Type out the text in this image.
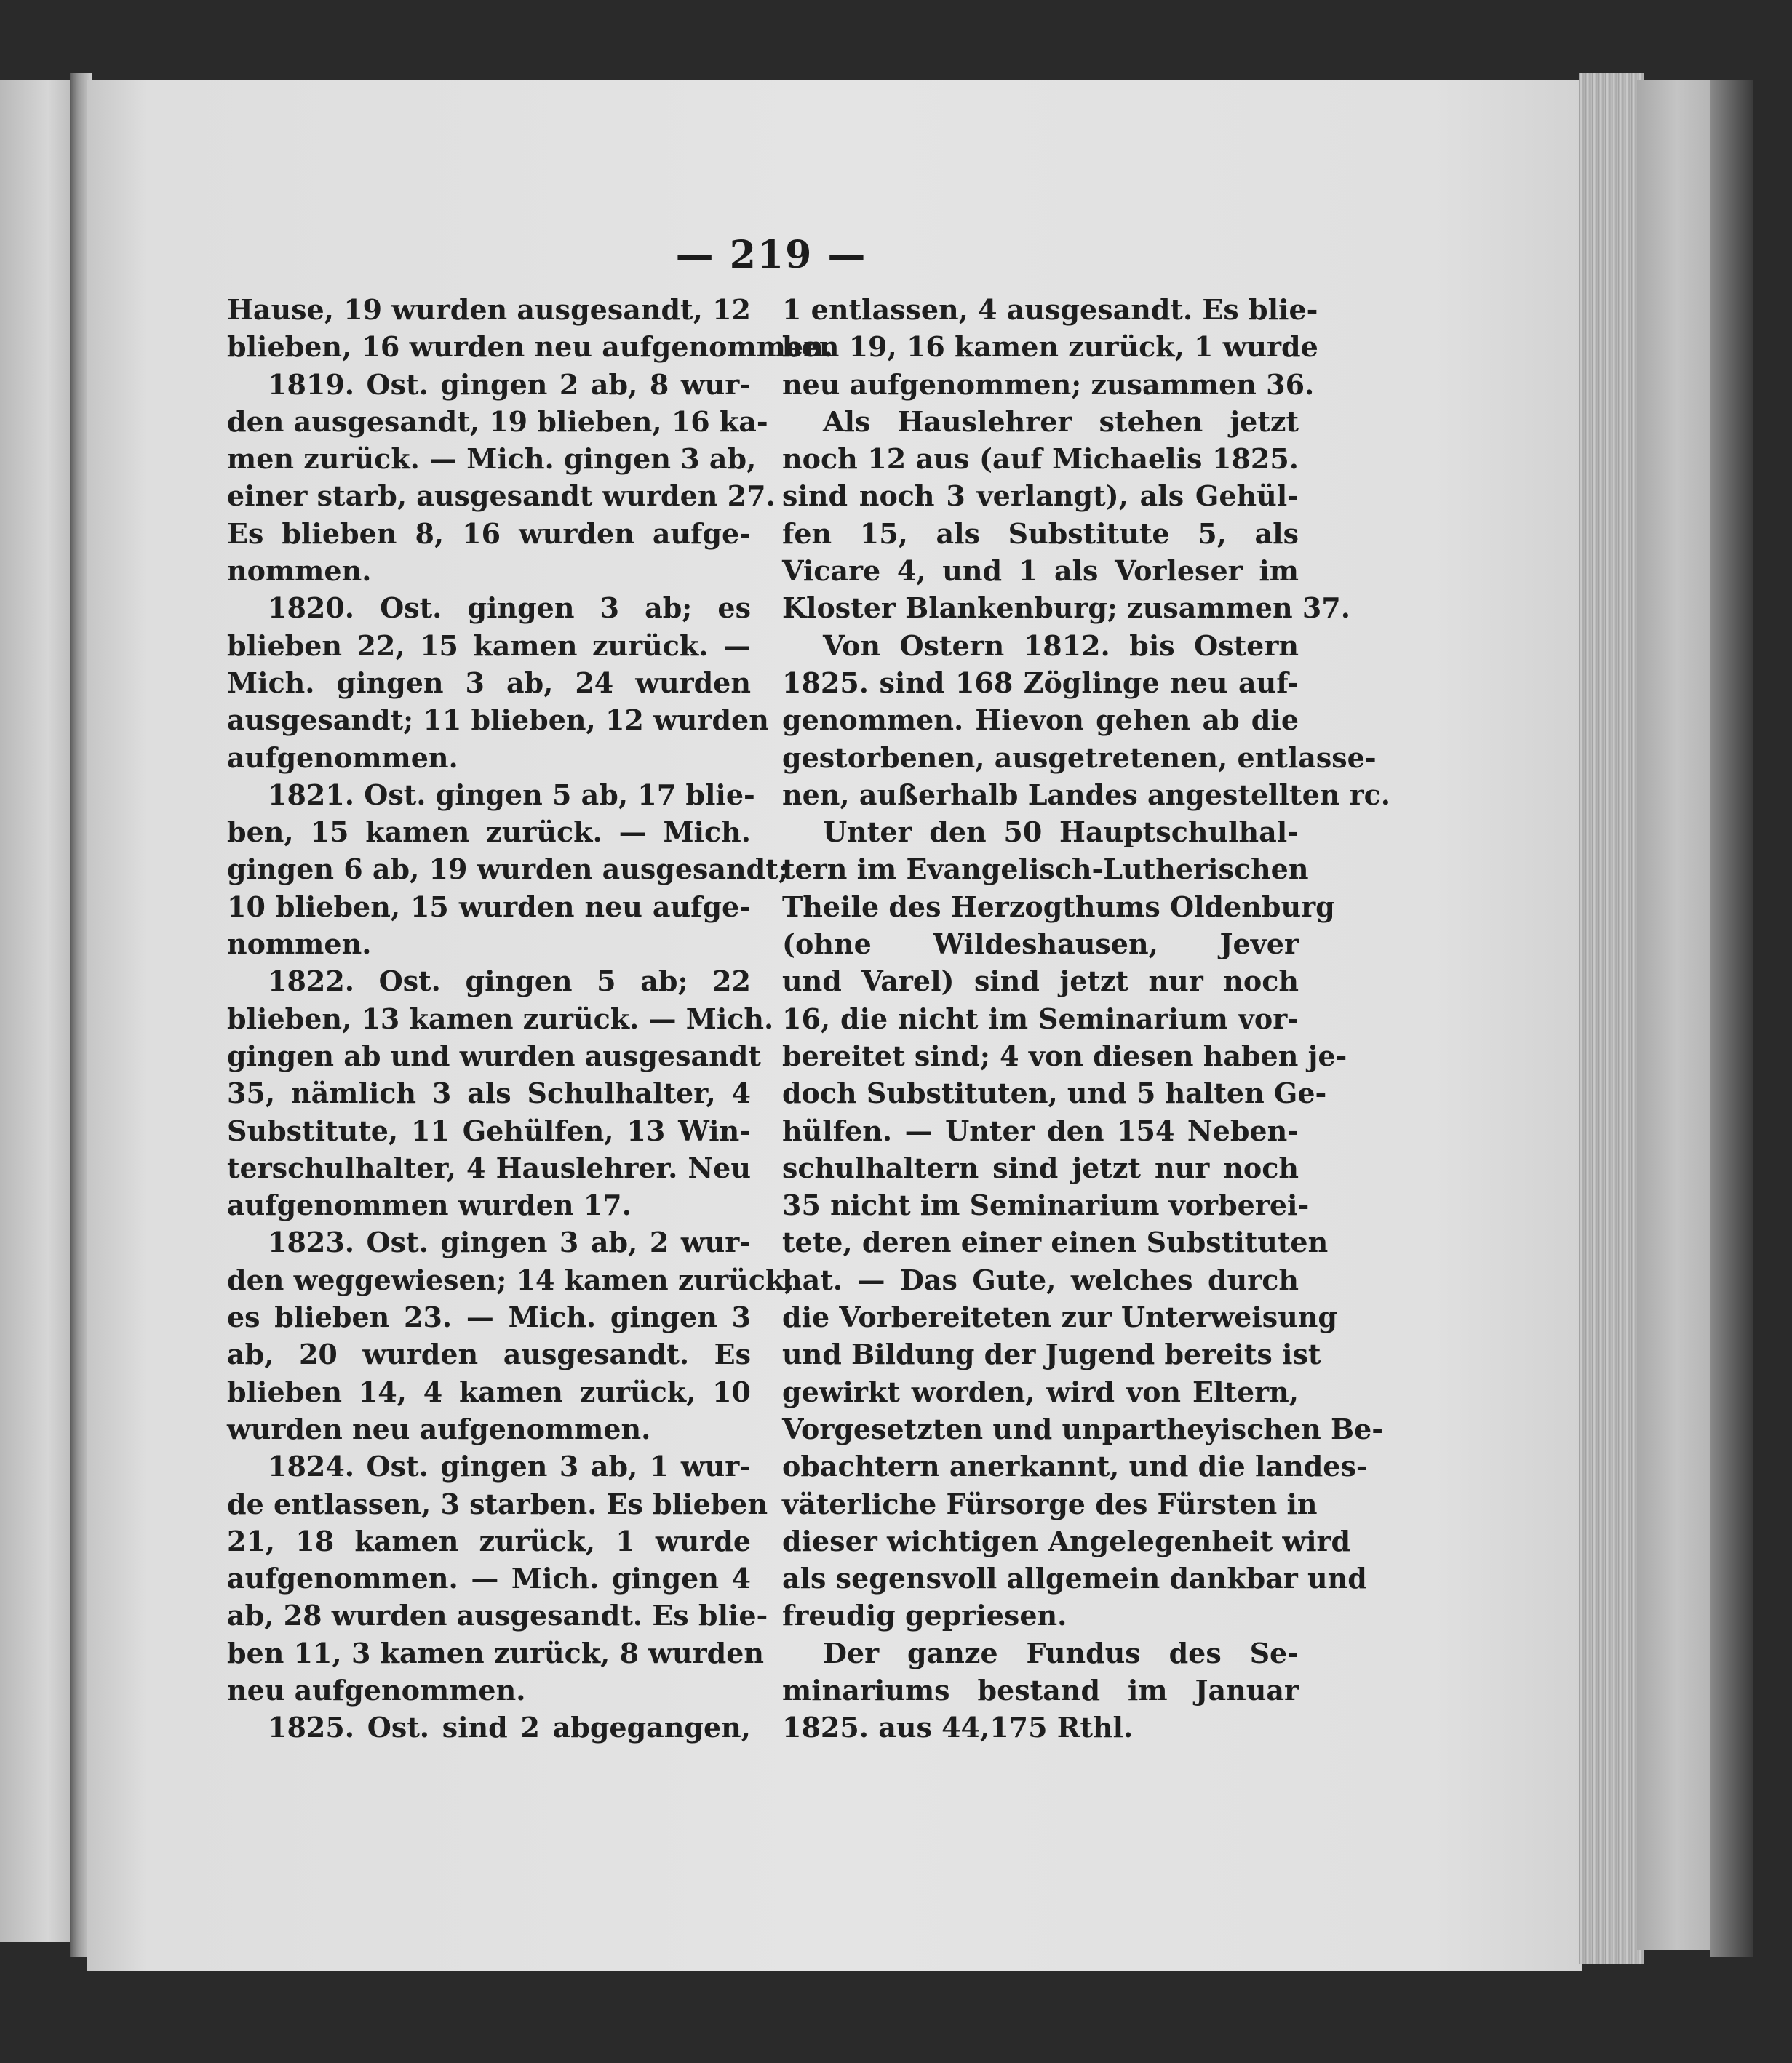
— 219 —
Hause, 19 wurden ausgesandt, 12
blieben, 16 wurden neu aufgenommen.
1819. Ost. gingen 2 ab, 8 wur-
den ausgesandt, 19 blieben, 16 ka-
men zurück. — Mich. gingen 3 ab,
einer starb, ausgesandt wurden 27.
Es blieben 8, 16 wurden aufge-
nommen.
1820. Ost. gingen 3 ab; es
blieben 22, 15 kamen zurück. —
Mich. gingen 3 ab, 24 wurden
ausgesandt; 11 blieben, 12 wurden
aufgenommen.
1821. Ost. gingen 5 ab, 17 blie-
ben, 15 kamen zurück. — Mich.
gingen 6 ab, 19 wurden ausgesandt;
10 blieben, 15 wurden neu aufge-
nommen.
1822. Ost. gingen 5 ab; 22
blieben, 13 kamen zurück. — Mich.
gingen ab und wurden ausgesandt
35, nämlich 3 als Schulhalter, 4
Substitute, 11 Gehülfen, 13 Win-
terschulhalter, 4 Hauslehrer. Neu
aufgenommen wurden 17.
1823. Ost. gingen 3 ab, 2 wur-
den weggewiesen; 14 kamen zurück,
es blieben 23. — Mich. gingen 3
ab, 20 wurden ausgesandt. Es
blieben 14, 4 kamen zurück, 10
wurden neu aufgenommen.
1824. Ost. gingen 3 ab, 1 wur-
de entlassen, 3 starben. Es blieben
21, 18 kamen zurück, 1 wurde
aufgenommen. — Mich. gingen 4
ab, 28 wurden ausgesandt. Es blie-
ben 11, 3 kamen zurück, 8 wurden
neu aufgenommen.
1825. Ost. sind 2 abgegangen,
1 entlassen, 4 ausgesandt. Es blie-
ben 19, 16 kamen zurück, 1 wurde
neu aufgenommen; zusammen 36.
Als Hauslehrer stehen jetzt
noch 12 aus (auf Michaelis 1825.
sind noch 3 verlangt), als Gehül-
fen 15, als Substitute 5, als
Vicare 4, und 1 als Vorleser im
Kloster Blankenburg; zusammen 37.
Von Ostern 1812. bis Ostern
1825. sind 168 Zöglinge neu auf-
genommen. Hievon gehen ab die
gestorbenen, ausgetretenen, entlasse-
nen, außerhalb Landes angestellten rc.
Unter den 50 Hauptschulhal-
tern im Evangelisch-Lutherischen
Theile des Herzogthums Oldenburg
(ohne Wildeshausen, Jever
und Varel) sind jetzt nur noch
16, die nicht im Seminarium vor-
bereitet sind; 4 von diesen haben je-
doch Substituten, und 5 halten Ge-
hülfen. — Unter den 154 Neben-
schulhaltern sind jetzt nur noch
35 nicht im Seminarium vorberei-
tete, deren einer einen Substituten
hat. — Das Gute, welches durch
die Vorbereiteten zur Unterweisung
und Bildung der Jugend bereits ist
gewirkt worden, wird von Eltern,
Vorgesetzten und unpartheyischen Be-
obachtern anerkannt, und die landes-
väterliche Fürsorge des Fürsten in
dieser wichtigen Angelegenheit wird
als segensvoll allgemein dankbar und
freudig gepriesen.
Der ganze Fundus des Se-
minariums bestand im Januar
1825. aus 44,175 Rthl.
